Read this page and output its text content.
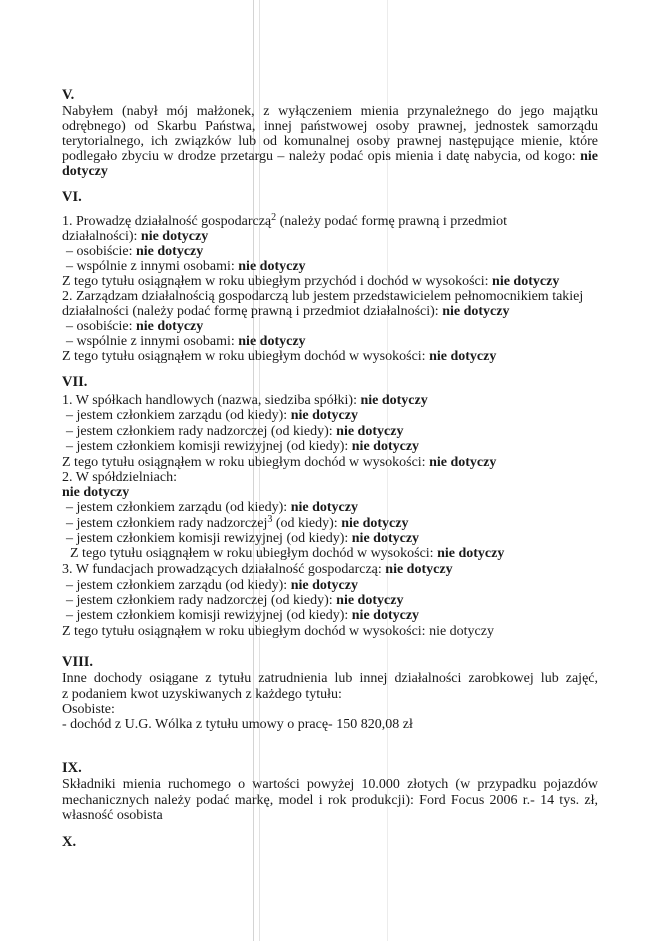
V.
Nabyłem (nabył mój małżonek, z wyłączeniem mienia przynależnego do jego majątku
odrębnego) od Skarbu Państwa, innej państwowej osoby prawnej, jednostek samorządu
terytorialnego, ich związków lub od komunalnej osoby prawnej następujące mienie, które
podlegało zbyciu w drodze przetargu – należy podać opis mienia i datę nabycia, od kogo: nie
dotyczy
VI.
1. Prowadzę działalność gospodarczą$^2$ (należy podać formę prawną i przedmiot
działalności): nie dotyczy
– osobiście: nie dotyczy
– wspólnie z innymi osobami: nie dotyczy
Z tego tytułu osiągnąłem w roku ubiegłym przychód i dochód w wysokości: nie dotyczy
2. Zarządzam działalnością gospodarczą lub jestem przedstawicielem pełnomocnikiem takiej
działalności (należy podać formę prawną i przedmiot działalności): nie dotyczy
– osobiście: nie dotyczy
– wspólnie z innymi osobami: nie dotyczy
Z tego tytułu osiągnąłem w roku ubiegłym dochód w wysokości: nie dotyczy
VII.
1. W spółkach handlowych (nazwa, siedziba spółki): nie dotyczy
– jestem członkiem zarządu (od kiedy): nie dotyczy
– jestem członkiem rady nadzorczej (od kiedy): nie dotyczy
– jestem członkiem komisji rewizyjnej (od kiedy): nie dotyczy
Z tego tytułu osiągnąłem w roku ubiegłym dochód w wysokości: nie dotyczy
2. W spółdzielniach:
nie dotyczy
– jestem członkiem zarządu (od kiedy): nie dotyczy
– jestem członkiem rady nadzorczej$^3$ (od kiedy): nie dotyczy
– jestem członkiem komisji rewizyjnej (od kiedy): nie dotyczy
Z tego tytułu osiągnąłem w roku ubiegłym dochód w wysokości: nie dotyczy
3. W fundacjach prowadzących działalność gospodarczą: nie dotyczy
– jestem członkiem zarządu (od kiedy): nie dotyczy
– jestem członkiem rady nadzorczej (od kiedy): nie dotyczy
– jestem członkiem komisji rewizyjnej (od kiedy): nie dotyczy
Z tego tytułu osiągnąłem w roku ubiegłym dochód w wysokości: nie dotyczy
VIII.
Inne dochody osiągane z tytułu zatrudnienia lub innej działalności zarobkowej lub zajęć,
z podaniem kwot uzyskiwanych z każdego tytułu:
Osobiste:
- dochód z U.G. Wólka z tytułu umowy o pracę- 150 820,08 zł
IX.
Składniki mienia ruchomego o wartości powyżej 10.000 złotych (w przypadku pojazdów
mechanicznych należy podać markę, model i rok produkcji): Ford Focus 2006 r.- 14 tys. zł,
własność osobista
X.
